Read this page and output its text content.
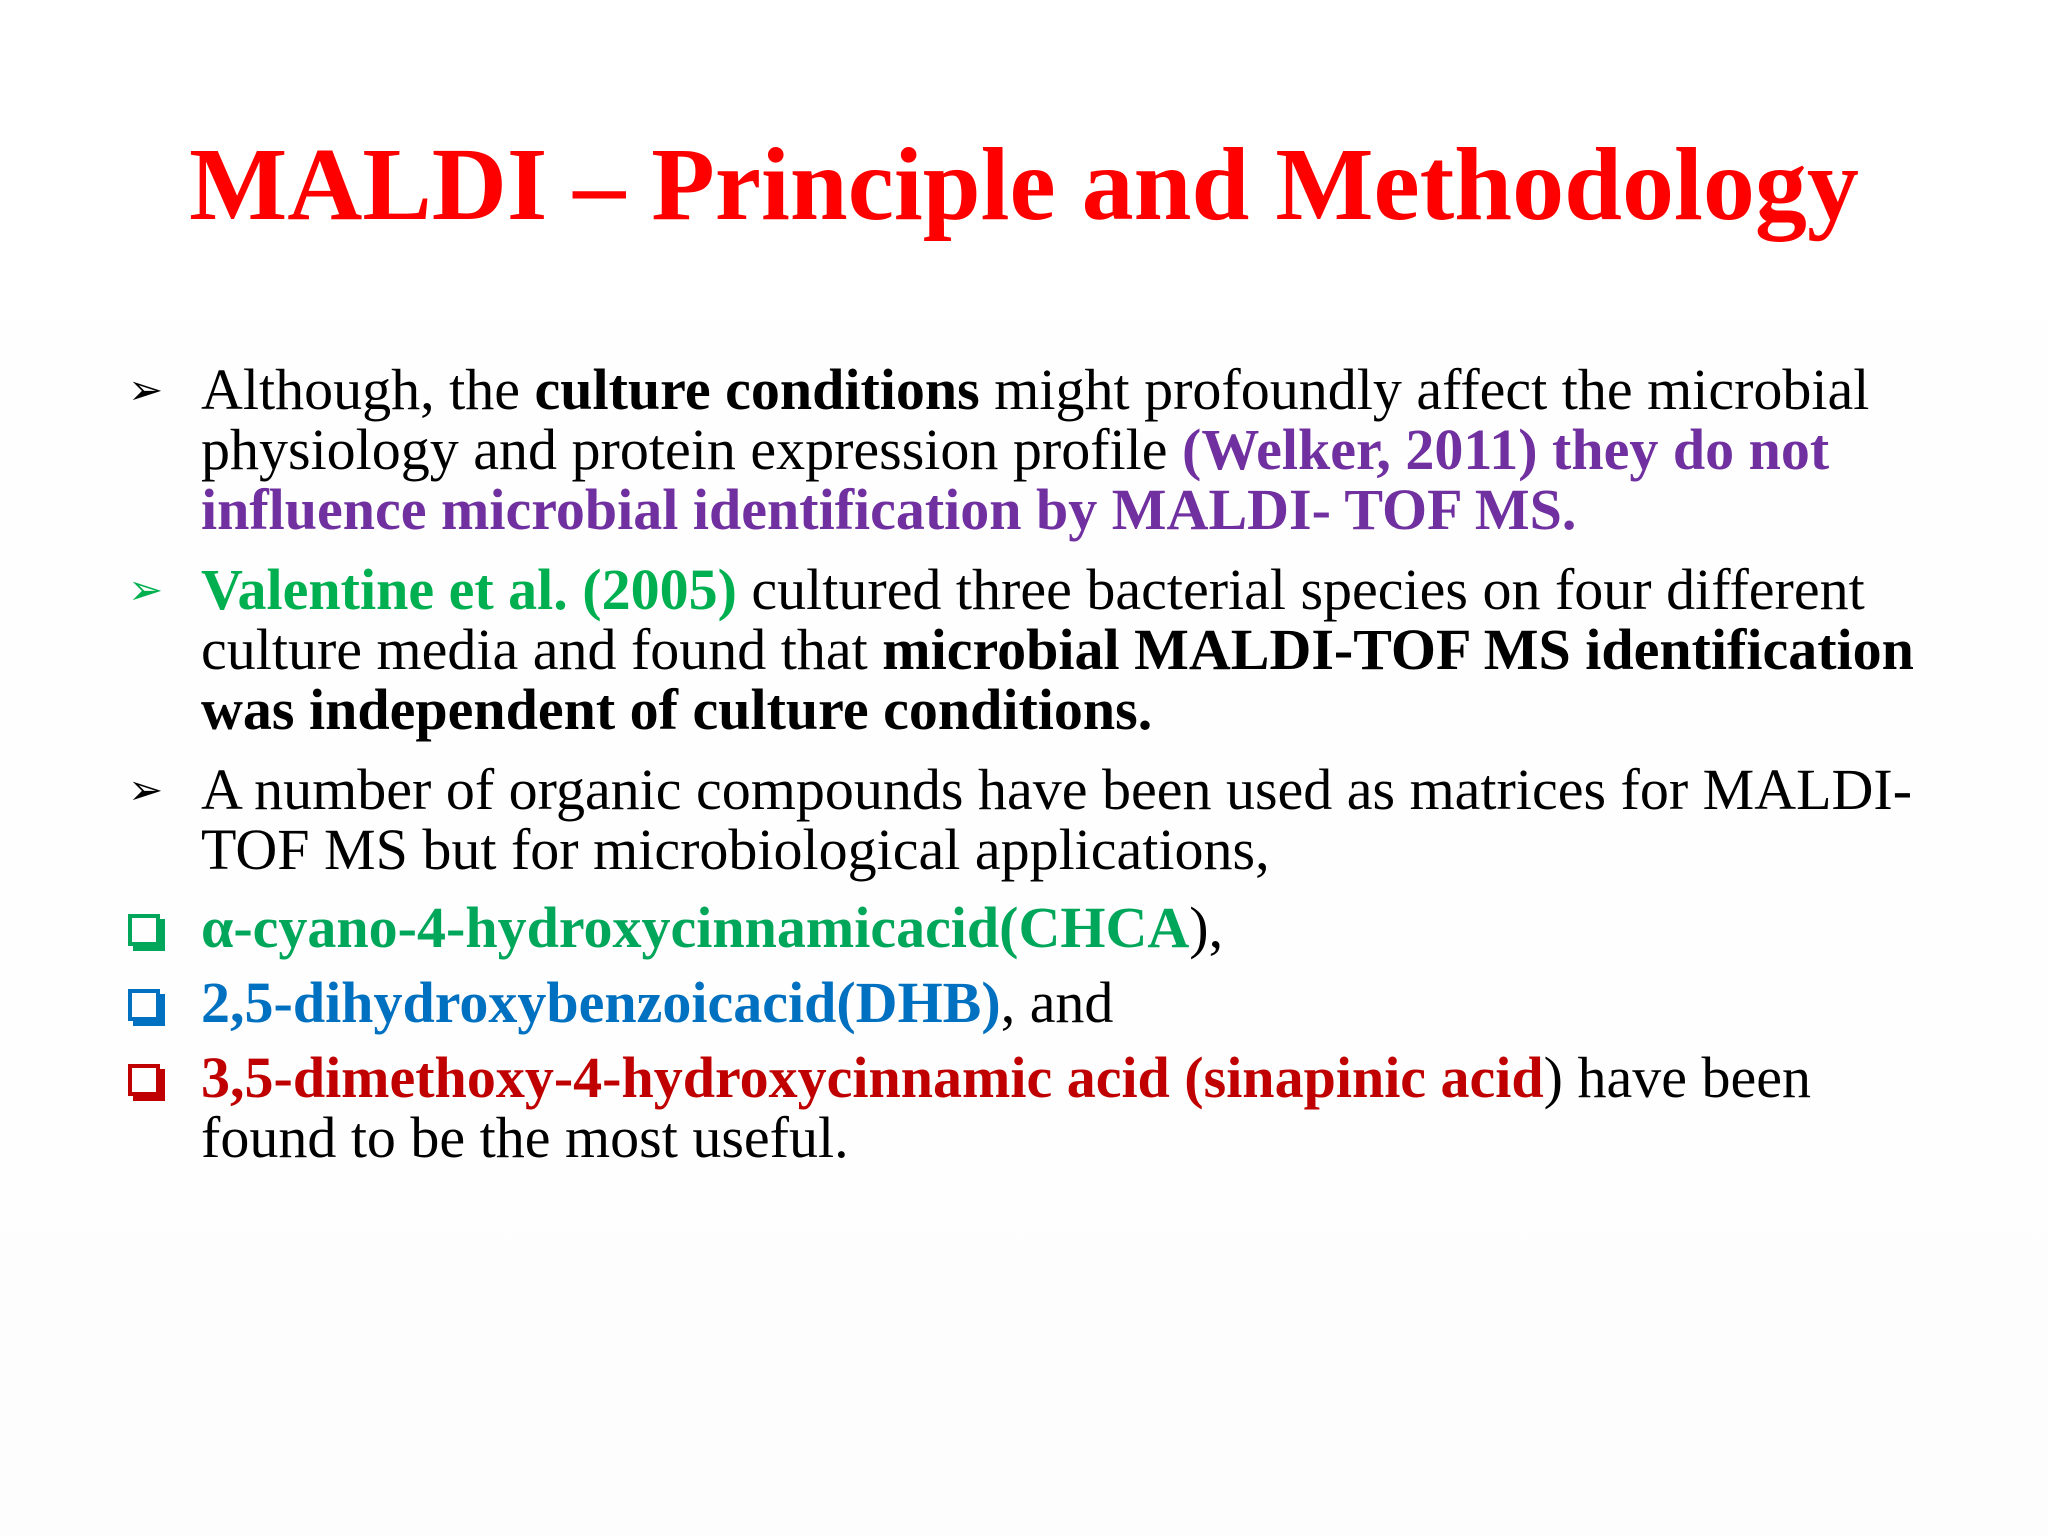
MALDI – Principle and Methodology
➢ Although, the culture conditions might profoundly affect the microbial physiology and protein expression profile (Welker, 2011) they do not influence microbial identification by MALDI- TOF MS.
➢ Valentine et al. (2005) cultured three bacterial species on four different culture media and found that microbial MALDI-TOF MS identification was independent of culture conditions.
➢ A number of organic compounds have been used as matrices for MALDI-TOF MS but for microbiological applications,
α-cyano-4-hydroxycinnamicacid(CHCA),
2,5-dihydroxybenzoicacid(DHB), and
3,5-dimethoxy-4-hydroxycinnamic acid (sinapinic acid) have been found to be the most useful.
